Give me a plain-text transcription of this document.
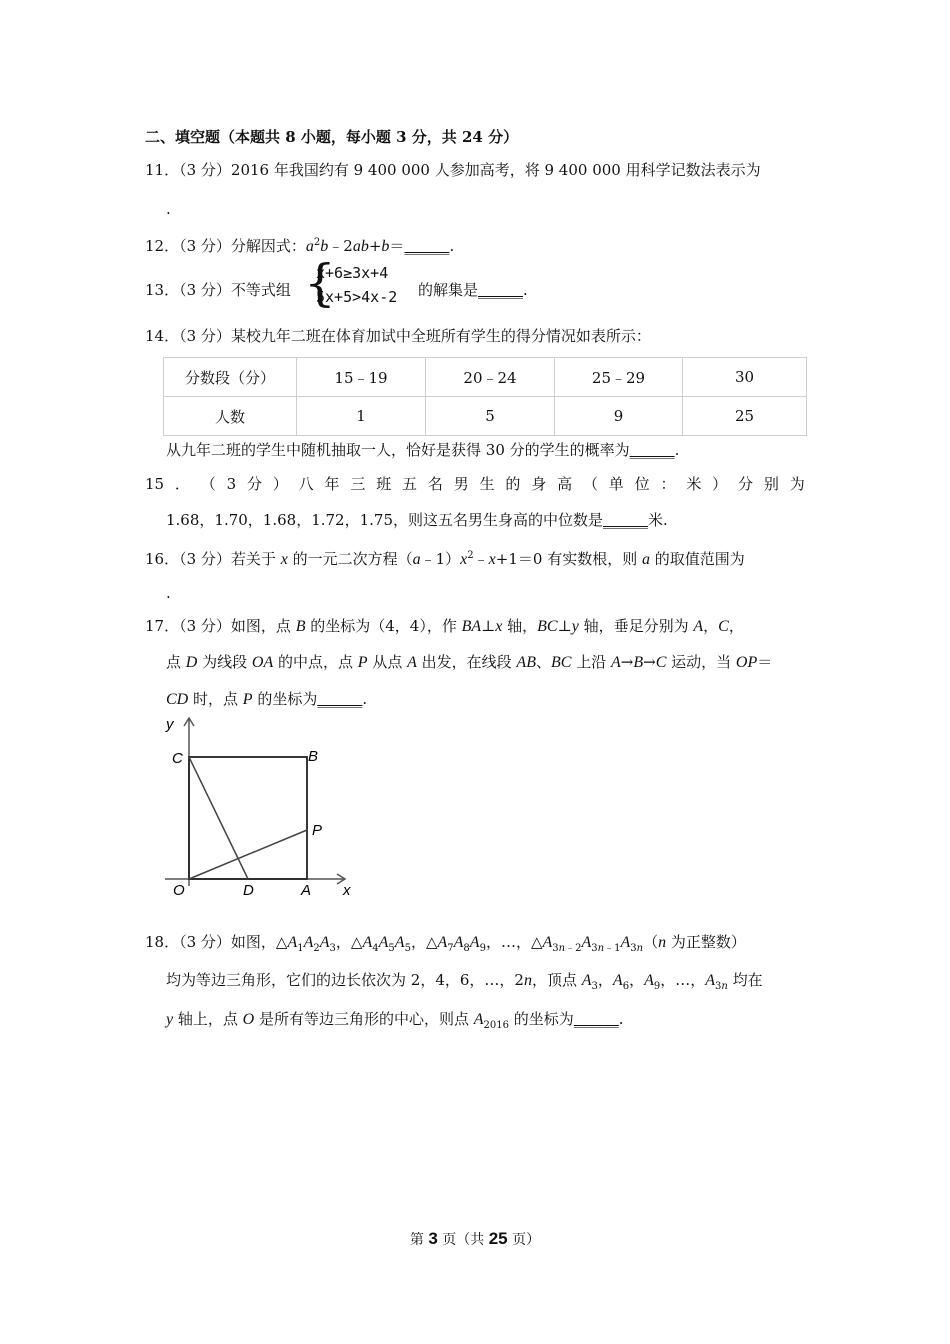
二、填空题（本题共 8 小题，每小题 3 分，共 24 分）
11．（3 分）2016 年我国约有 9 400 000 人参加高考，将 9 400 000 用科学记数法表示为
.
12．（3 分）分解因式：$a^2b﹣2ab+b=\_\_\_\_\_\_$.
13．（3 分）不等式组 {
x+6≥3x+4
5x+5>4x-2 的解集是______.
14．（3 分）某校九年二班在体育加试中全班所有学生的得分情况如表所示：
分数段（分）	15﹣19	20﹣24	25﹣29	30
人数	1	5	9	25
从九年二班的学生中随机抽取一人，恰好是获得 30 分的学生的概率为______.
15 ． （ 3 分 ） 八 年 三 班 五 名 男 生 的 身 高 （ 单 位 ： 米 ） 分 别 为
1.68，1.70，1.68，1.72，1.75，则这五名男生身高的中位数是______米.
16．（3 分）若关于 x 的一元二次方程$(a﹣1)x^2﹣x+1=0$ 有实数根，则 a 的取值范围为
.
17．（3 分）如图，点 B 的坐标为（4，4），作 BA⊥x 轴，BC⊥y 轴，垂足分别为 A，C，
点 D 为线段 OA 的中点，点 P 从点 A 出发，在线段 AB、BC 上沿 A→B→C 运动，当 OP＝
CD 时，点 P 的坐标为______.
y
C	B
P
O	D	A x
18．（3 分）如图，$\triangle A_1A_2A_3$，$\triangle A_4A_5A_5$，$\triangle A_7A_8A_9$，…，$\triangle A_{3n﹣2}A_{3n﹣1}A_{3n}(n$ 为正整数）
均为等边三角形，它们的边长依次为 2，4，6，…，2n，顶点 $A_3$，$A_6$，$A_9$，…，$A_{3n}$ 均在
y 轴上，点 O 是所有等边三角形的中心，则点 $A_{2016}$ 的坐标为______.
第 3 页（共 25 页）
